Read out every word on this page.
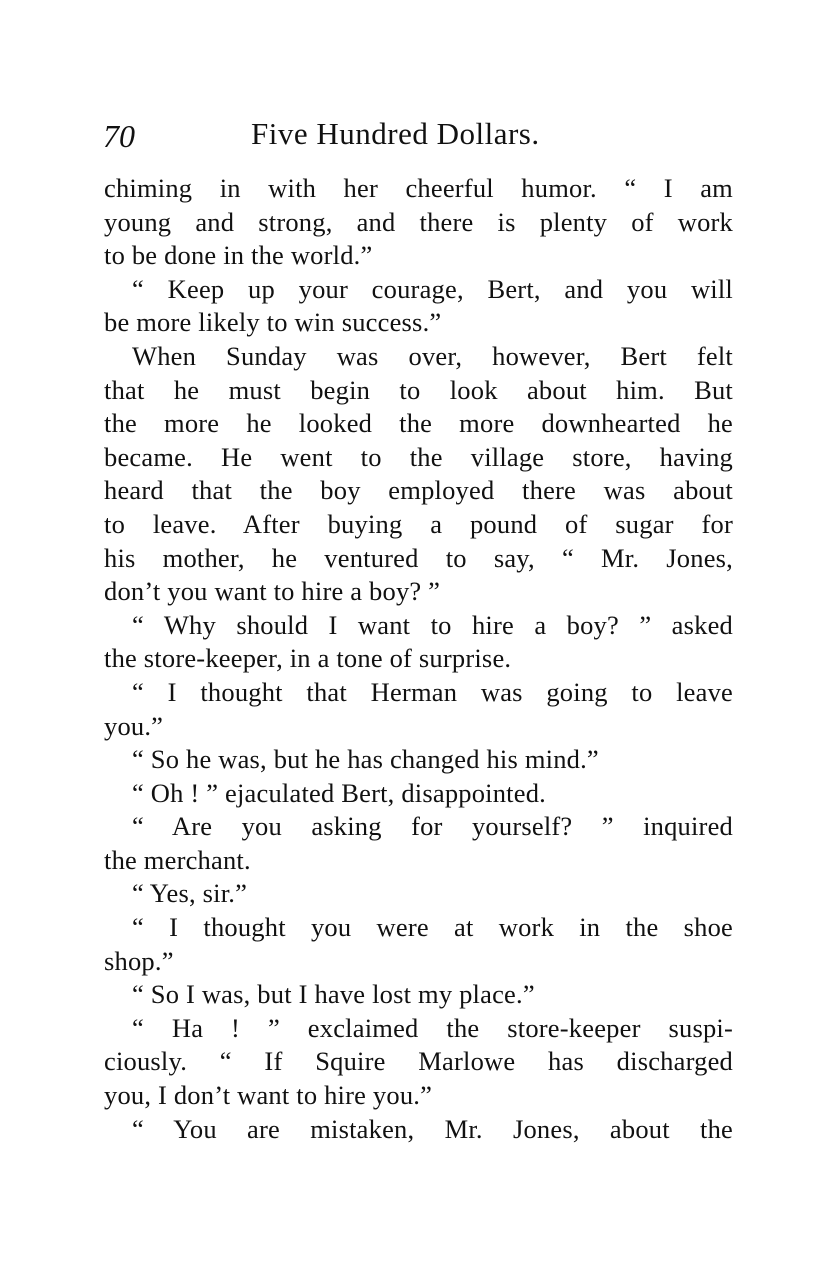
70	Five Hundred Dollars.
chiming in with her cheerful humor. “ I am
young and strong, and there is plenty of work
to be done in the world.”
“ Keep up your courage, Bert, and you will
be more likely to win success.”
When Sunday was over, however, Bert felt
that he must begin to look about him. But
the more he looked the more downhearted he
became. He went to the village store, having
heard that the boy employed there was about
to leave. After buying a pound of sugar for
his mother, he ventured to say, “ Mr. Jones,
don’t you want to hire a boy? ”
“ Why should I want to hire a boy? ” asked
the store-keeper, in a tone of surprise.
“ I thought that Herman was going to leave
you.”
“ So he was, but he has changed his mind.”
“ Oh ! ” ejaculated Bert, disappointed.
“ Are you asking for yourself? ” inquired
the merchant.
“ Yes, sir.”
“ I thought you were at work in the shoe
shop.”
“ So I was, but I have lost my place.”
“ Ha ! ” exclaimed the store-keeper suspi-
ciously. “ If Squire Marlowe has discharged
you, I don’t want to hire you.”
“ You are mistaken, Mr. Jones, about the
